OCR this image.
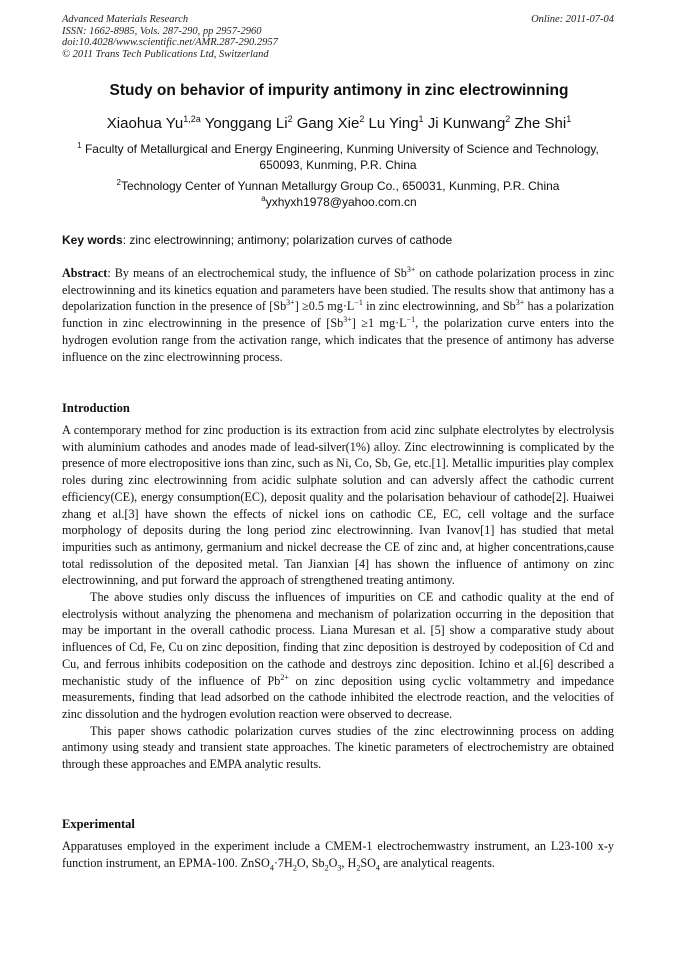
Advanced Materials Research
ISSN: 1662-8985, Vols. 287-290, pp 2957-2960
doi:10.4028/www.scientific.net/AMR.287-290.2957
© 2011 Trans Tech Publications Ltd, Switzerland
Online: 2011-07-04
Study on behavior of impurity antimony in zinc electrowinning
Xiaohua $Yu^{1,2a}$ Yonggang Li$^2$ Gang Xie$^2$ Lu Ying$^1$ Ji Kunwang$^2$ Zhe Shi$^1$
$^1$ Faculty of Metallurgical and Energy Engineering, Kunming University of Science and Technology, 650093, Kunming, P.R. China
$^2$Technology Center of Yunnan Metallurgy Group Co., 650031, Kunming, P.R. China
$^a$yxhyxh1978@yahoo.com.cn
Key words: zinc electrowinning; antimony; polarization curves of cathode
Abstract: By means of an electrochemical study, the influence of $Sb^{3+}$ on cathode polarization process in zinc electrowinning and its kinetics equation and parameters have been studied. The results show that antimony has a depolarization function in the presence of $[Sb^{3+}] \ge 0.5$ $mg\cdot L^{-1}$ in zinc electrowinning, and $Sb^{3+}$ has a polarization function in zinc electrowinning in the presence of $[Sb^{3+}] \ge 1$ $mg\cdot L^{-1}$, the polarization curve enters into the hydrogen evolution range from the activation range, which indicates that the presence of antimony has adverse influence on the zinc electrowinning process.
Introduction

A contemporary method for zinc production is its extraction from acid zinc sulphate electrolytes by electrolysis with aluminium cathodes and anodes made of lead-silver(1%) alloy. Zinc electrowinning is complicated by the presence of more electropositive ions than zinc, such as Ni, Co, Sb, Ge, etc.[1]. Metallic impurities play complex roles during zinc electrowinning from acidic sulphate solution and can adversly affect the cathodic current efficiency(CE), energy consumption(EC), deposit quality and the polarisation behaviour of cathode[2]. Huaiwei zhang et al.[3] have shown the effects of nickel ions on cathodic CE, EC, cell voltage and the surface morphology of deposits during the long period zinc electrowinning. Ivan Ivanov[1] has studied that metal impurities such as antimony, germanium and nickel decrease the CE of zinc and, at higher concentrations,cause total redissolution of the deposited metal. Tan Jianxian [4] has shown the influence of antimony on zinc electrowinning, and put forward the approach of strengthened treating antimony.

The above studies only discuss the influences of impurities on CE and cathodic quality at the end of electrolysis without analyzing the phenomena and mechanism of polarization occurring in the deposition that may be important in the overall cathodic process. Liana Muresan et al. [5] show a comparative study about influences of Cd, Fe, Cu on zinc deposition, finding that zinc deposition is destroyed by codeposition of Cd and Cu, and ferrous inhibits codeposition on the cathode and destroys zinc deposition. Ichino et al.[6] described a mechanistic study of the influence of $Pb^{2+}$ on zinc deposition using cyclic voltammetry and impedance measurements, finding that lead adsorbed on the cathode inhibited the electrode reaction, and the velocities of zinc dissolution and the hydrogen evolution reaction were observed to decrease.

This paper shows cathodic polarization curves studies of the zinc electrowinning process on adding antimony using steady and transient state approaches. The kinetic parameters of electrochemistry are obtained through these approaches and EMPA analytic results.

Experimental
Apparatuses employed in the experiment include a CMEM-1 electrochemwastry instrument, an L23-100 x-y function instrument, an EPMA-100. $ZnSO_4\cdot 7H_2O$, $Sb_2O_3$, $H_2SO_4$ are analytical reagents.
